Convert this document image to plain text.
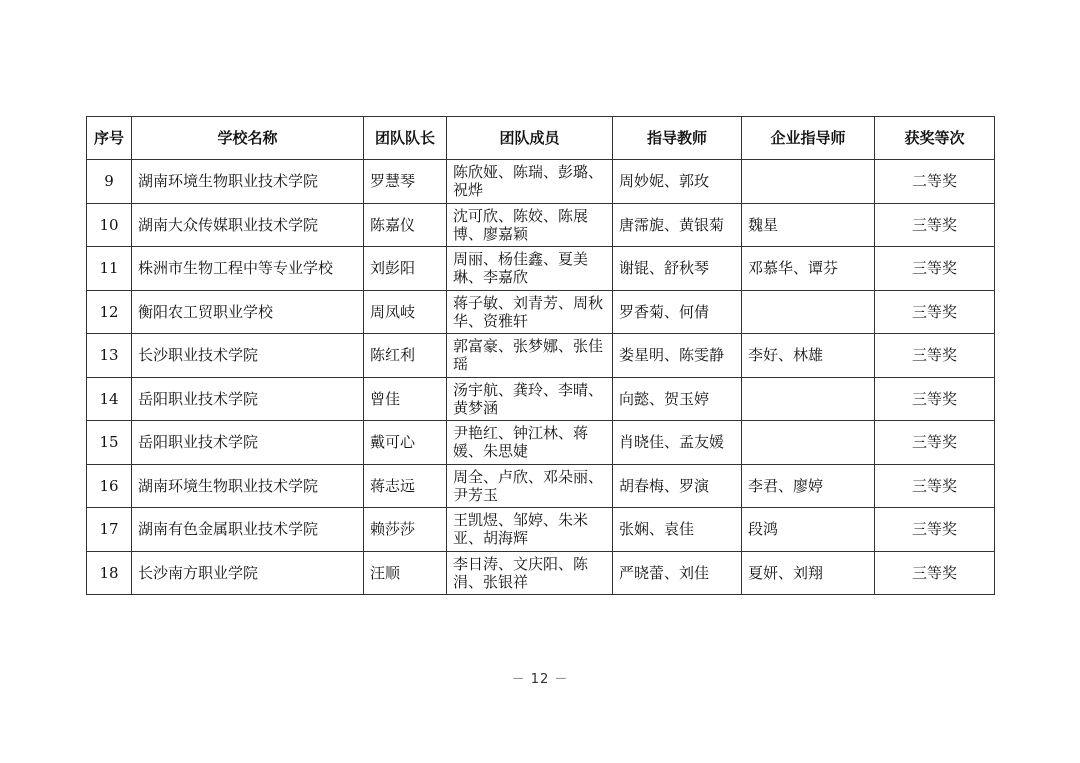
序号	学校名称	团队队长	团队成员	指导教师	企业指导师	获奖等次
9	湖南环境生物职业技术学院	罗慧琴	陈欣娅、陈瑞、彭璐、祝烨	周妙妮、郭玫		二等奖
10	湖南大众传媒职业技术学院	陈嘉仪	沈可欣、陈姣、陈展博、廖嘉颖	唐霈旎、黄银菊	魏星	三等奖
11	株洲市生物工程中等专业学校	刘彭阳	周丽、杨佳鑫、夏美琳、李嘉欣	谢锟、舒秋琴	邓慕华、谭芬	三等奖
12	衡阳农工贸职业学校	周凤岐	蒋子敏、刘青芳、周秋华、资雅轩	罗香菊、何倩		三等奖
13	长沙职业技术学院	陈红利	郭富豪、张梦娜、张佳瑶	娄星明、陈雯静	李好、林雄	三等奖
14	岳阳职业技术学院	曾佳	汤宇航、龚玲、李晴、黄梦涵	向懿、贺玉婷		三等奖
15	岳阳职业技术学院	戴可心	尹艳红、钟江林、蒋媛、朱思婕	肖晓佳、孟友媛		三等奖
16	湖南环境生物职业技术学院	蒋志远	周全、卢欣、邓朵丽、尹芳玉	胡春梅、罗演	李君、廖婷	三等奖
17	湖南有色金属职业技术学院	赖莎莎	王凯煜、邹婷、朱米亚、胡海辉	张娴、袁佳	段鸿	三等奖
18	长沙南方职业学院	汪顺	李日涛、文庆阳、陈涓、张银祥	严晓蕾、刘佳	夏妍、刘翔	三等奖
－ 12 －
